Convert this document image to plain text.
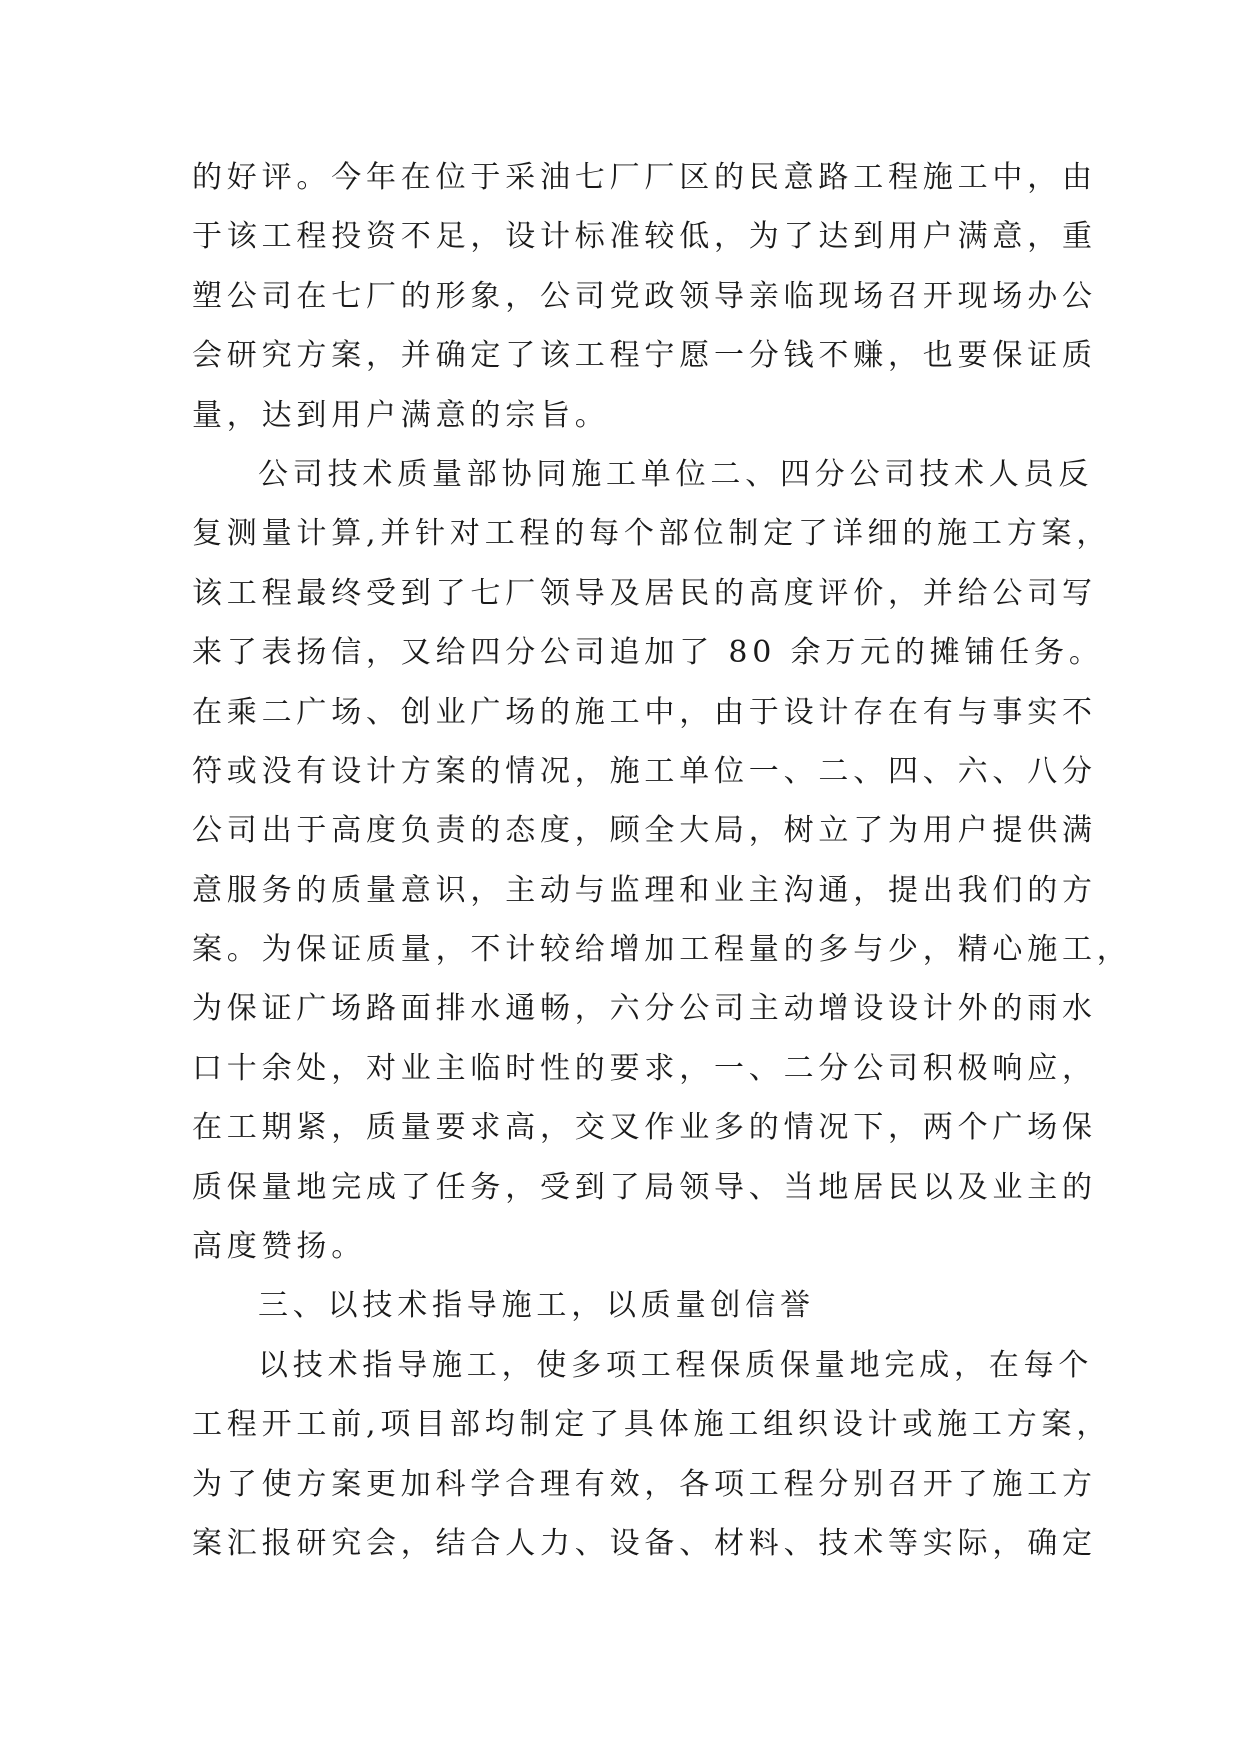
的好评。今年在位于采油七厂厂区的民意路工程施工中，由
于该工程投资不足，设计标准较低，为了达到用户满意，重
塑公司在七厂的形象，公司党政领导亲临现场召开现场办公
会研究方案，并确定了该工程宁愿一分钱不赚，也要保证质
量，达到用户满意的宗旨。
公司技术质量部协同施工单位二、四分公司技术人员反
复测量计算,并针对工程的每个部位制定了详细的施工方案，
该工程最终受到了七厂领导及居民的高度评价，并给公司写
来了表扬信，又给四分公司追加了 80 余万元的摊铺任务。
在乘二广场、创业广场的施工中，由于设计存在有与事实不
符或没有设计方案的情况，施工单位一、二、四、六、八分
公司出于高度负责的态度，顾全大局，树立了为用户提供满
意服务的质量意识，主动与监理和业主沟通，提出我们的方
案。为保证质量，不计较给增加工程量的多与少，精心施工，
为保证广场路面排水通畅，六分公司主动增设设计外的雨水
口十余处，对业主临时性的要求，一、二分公司积极响应，
在工期紧，质量要求高，交叉作业多的情况下，两个广场保
质保量地完成了任务，受到了局领导、当地居民以及业主的
高度赞扬。
三、以技术指导施工，以质量创信誉
以技术指导施工，使多项工程保质保量地完成，在每个
工程开工前,项目部均制定了具体施工组织设计或施工方案，
为了使方案更加科学合理有效，各项工程分别召开了施工方
案汇报研究会，结合人力、设备、材料、技术等实际，确定
